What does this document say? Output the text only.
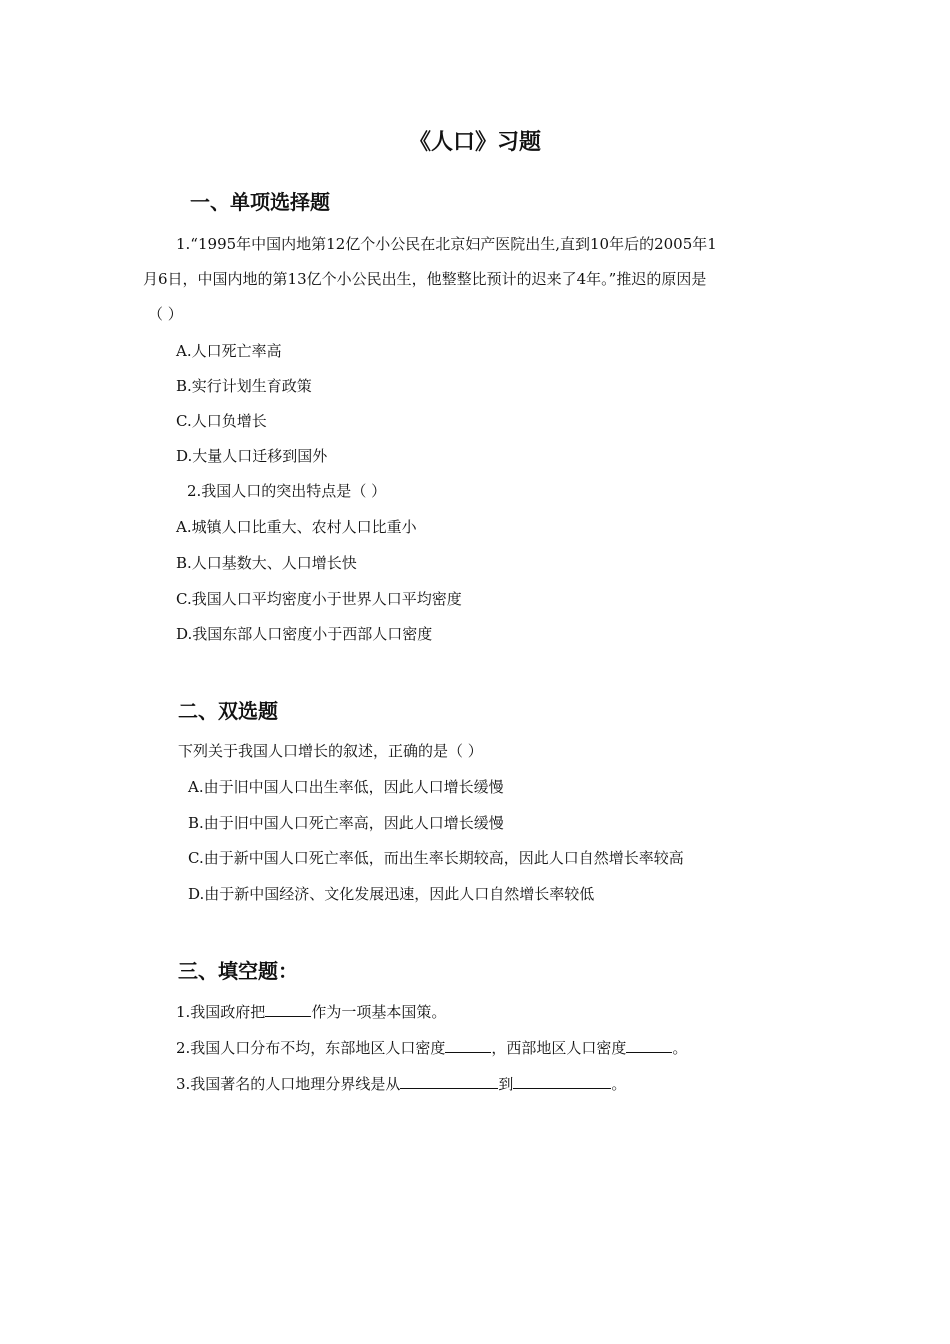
《人口》习题
一、单项选择题
1.“1995年中国内地第12亿个小公民在北京妇产医院出生,直到10年后的2005年1
月6日，中国内地的第13亿个小公民出生，他整整比预计的迟来了4年。”推迟的原因是
（ ）
A.人口死亡率高
B.实行计划生育政策
C.人口负增长
D.大量人口迁移到国外
2.我国人口的突出特点是（ ）
A.城镇人口比重大、农村人口比重小
B.人口基数大、人口增长快
C.我国人口平均密度小于世界人口平均密度
D.我国东部人口密度小于西部人口密度
二、双选题
下列关于我国人口增长的叙述，正确的是（ ）
A.由于旧中国人口出生率低，因此人口增长缓慢
B.由于旧中国人口死亡率高，因此人口增长缓慢
C.由于新中国人口死亡率低，而出生率长期较高，因此人口自然增长率较高
D.由于新中国经济、文化发展迅速，因此人口自然增长率较低
三、填空题：
1.我国政府把	作为一项基本国策。
2.我国人口分布不均，东部地区人口密度	，西部地区人口密度	。
3.我国著名的人口地理分界线是从	到	。
